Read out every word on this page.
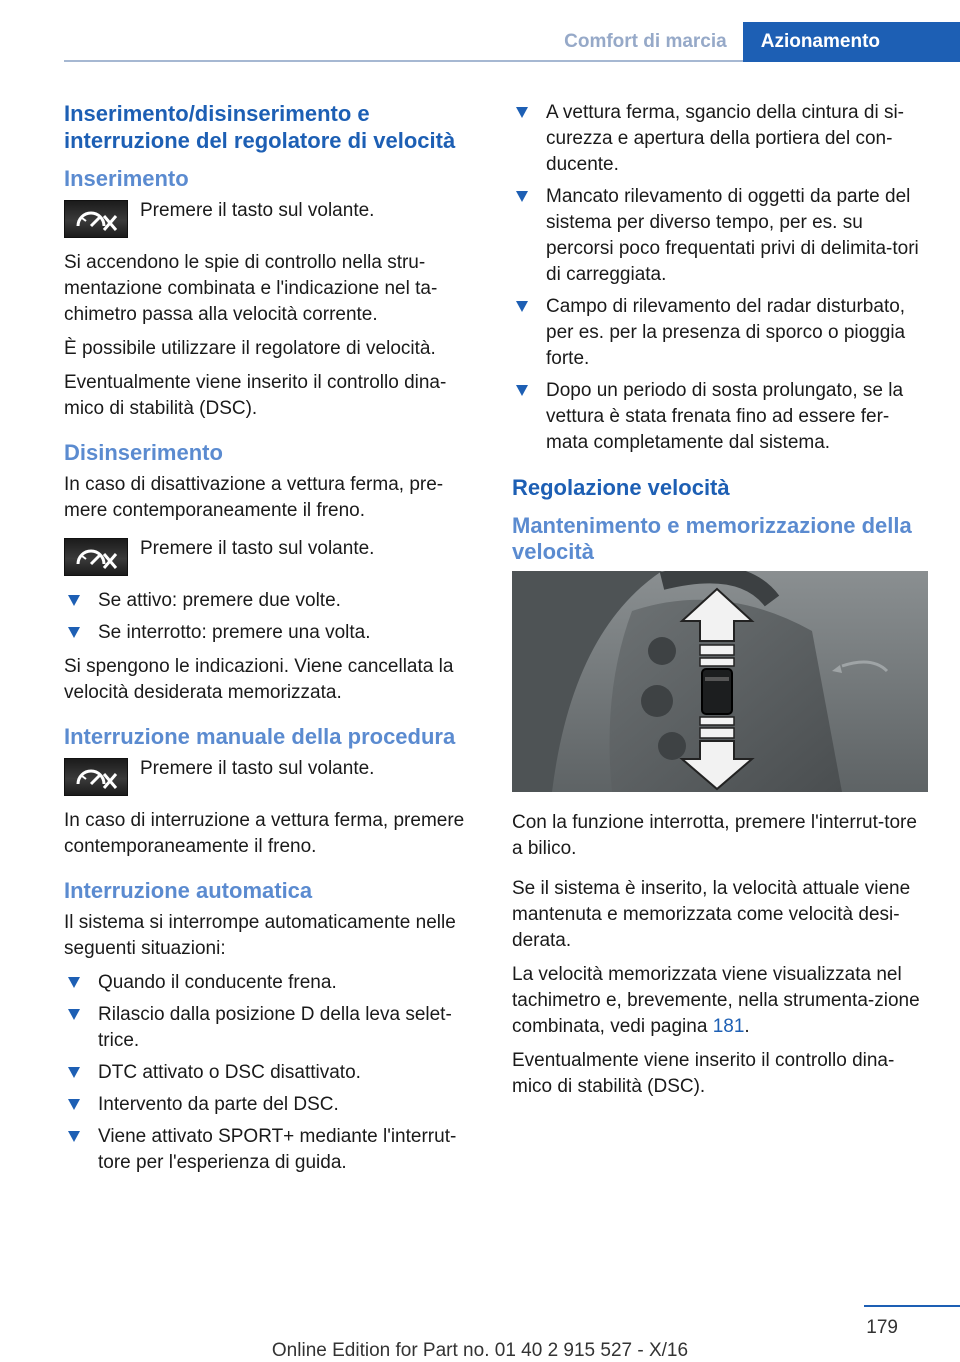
Comfort di marcia	Azionamento
Inserimento/disinserimento e interruzione del regolatore di velocità
Inserimento
Premere il tasto sul volante.
Si accendono le spie di controllo nella stru-mentazione combinata e l'indicazione nel ta-chimetro passa alla velocità corrente.
È possibile utilizzare il regolatore di velocità.
Eventualmente viene inserito il controllo dina-mico di stabilità (DSC).
Disinserimento
In caso di disattivazione a vettura ferma, pre-mere contemporaneamente il freno.
Premere il tasto sul volante.
Se attivo: premere due volte.
Se interrotto: premere una volta.
Si spengono le indicazioni. Viene cancellata la velocità desiderata memorizzata.
Interruzione manuale della procedura
Premere il tasto sul volante.
In caso di interruzione a vettura ferma, premere contemporaneamente il freno.
Interruzione automatica
Il sistema si interrompe automaticamente nelle seguenti situazioni:
Quando il conducente frena.
Rilascio dalla posizione D della leva selet-trice.
DTC attivato o DSC disattivato.
Intervento da parte del DSC.
Viene attivato SPORT+ mediante l'interrut-tore per l'esperienza di guida.
A vettura ferma, sgancio della cintura di si-curezza e apertura della portiera del con-ducente.
Mancato rilevamento di oggetti da parte del sistema per diverso tempo, per es. su percorsi poco frequentati privi di delimita-tori di carreggiata.
Campo di rilevamento del radar disturbato, per es. per la presenza di sporco o pioggia forte.
Dopo un periodo di sosta prolungato, se la vettura è stata frenata fino ad essere fer-mata completamente dal sistema.
Regolazione velocità
Mantenimento e memorizzazione della velocità
Con la funzione interrotta, premere l'interrut-tore a bilico.
Se il sistema è inserito, la velocità attuale viene mantenuta e memorizzata come velocità desi-derata.
La velocità memorizzata viene visualizzata nel tachimetro e, brevemente, nella strumenta-zione combinata, vedi pagina 181.
Eventualmente viene inserito il controllo dina-mico di stabilità (DSC).
179
Online Edition for Part no. 01 40 2 915 527 - X/16
